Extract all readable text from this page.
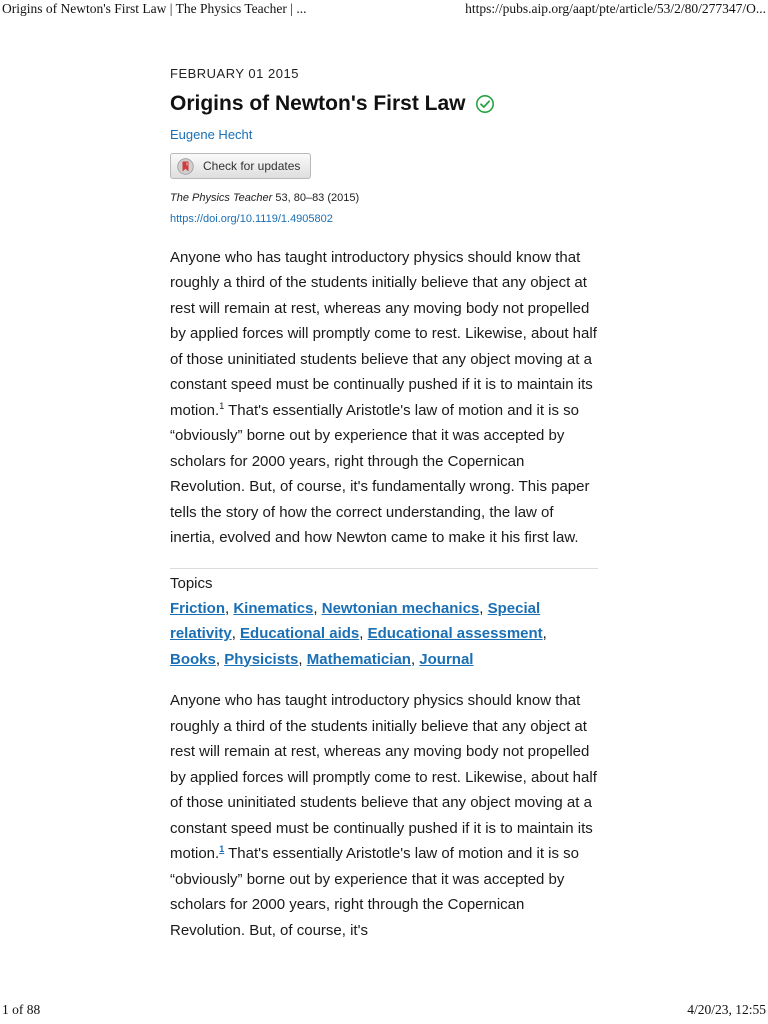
Origins of Newton's First Law | The Physics Teacher | ...	https://pubs.aip.org/aapt/pte/article/53/2/80/277347/O...

FEBRUARY 01 2015

Origins of Newton's First Law
Eugene Hecht
Check for updates
The Physics Teacher 53, 80–83 (2015)
https://doi.org/10.1119/1.4905802

Anyone who has taught introductory physics should know that roughly a third of the students initially believe that any object at rest will remain at rest, whereas any moving body not propelled by applied forces will promptly come to rest. Likewise, about half of those uninitiated students believe that any object moving at a constant speed must be continually pushed if it is to maintain its motion.$^1$ That's essentially Aristotle's law of motion and it is so “obviously” borne out by experience that it was accepted by scholars for 2000 years, right through the Copernican Revolution. But, of course, it's fundamentally wrong. This paper tells the story of how the correct understanding, the law of inertia, evolved and how Newton came to make it his first law.

Topics

Friction, Kinematics, Newtonian mechanics, Special relativity, Educational aids, Educational assessment, Books, Physicists, Mathematician, Journal

Anyone who has taught introductory physics should know that roughly a third of the students initially believe that any object at rest will remain at rest, whereas any moving body not propelled by applied forces will promptly come to rest. Likewise, about half of those uninitiated students believe that any object moving at a constant speed must be continually pushed if it is to maintain its motion.$^1$ That's essentially Aristotle's law of motion and it is so “obviously” borne out by experience that it was accepted by scholars for 2000 years, right through the Copernican Revolution. But, of course, it's

1 of 88	4/20/23, 12:55
